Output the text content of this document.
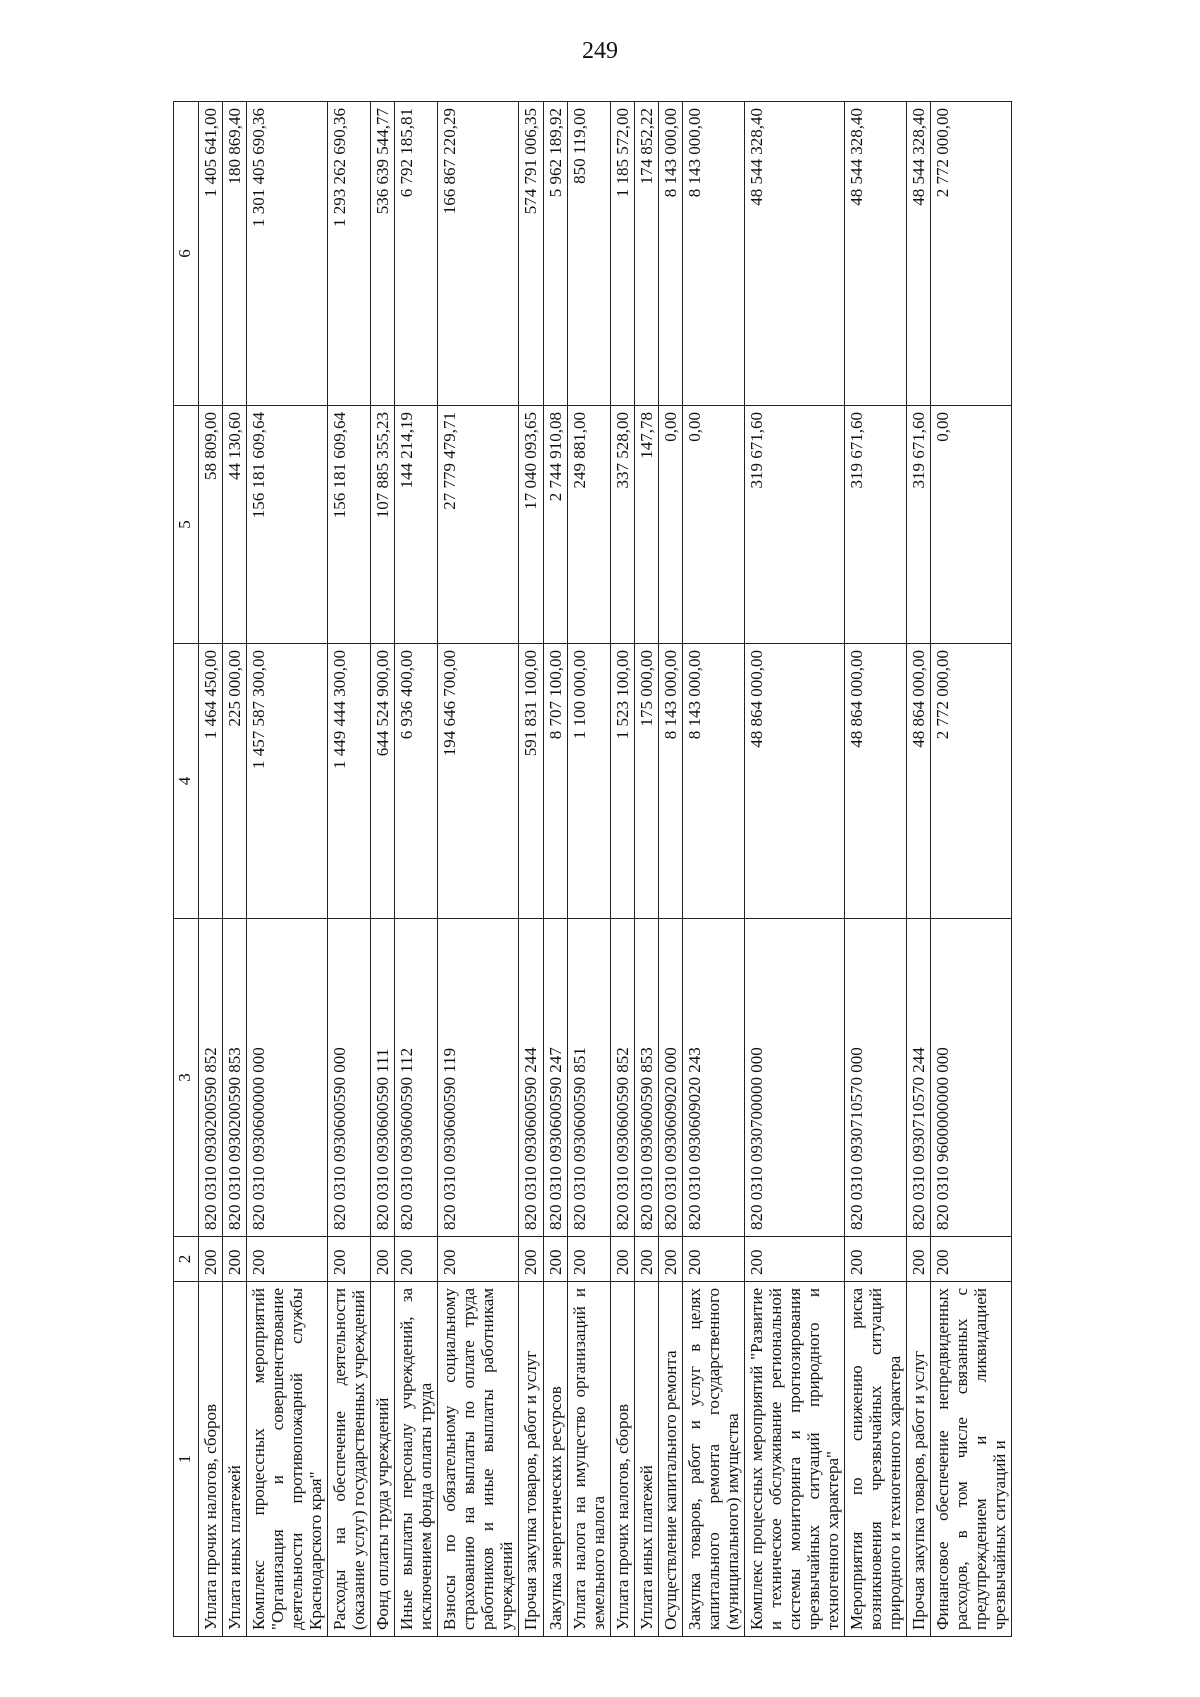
249
1	2	3	4	5	6
Уплата прочих налогов, сборов	200	820 0310 0930200590 852	1 464 450,00	58 809,00	1 405 641,00
Уплата иных платежей	200	820 0310 0930200590 853	225 000,00	44 130,60	180 869,40
Комплекс процессных мероприятий "Организация и совершенствование деятельности противопожарной службы Краснодарского края"	200	820 0310 0930600000 000	1 457 587 300,00	156 181 609,64	1 301 405 690,36
Расходы на обеспечение деятельности (оказание услуг) государственных учреждений	200	820 0310 0930600590 000	1 449 444 300,00	156 181 609,64	1 293 262 690,36
Фонд оплаты труда учреждений	200	820 0310 0930600590 111	644 524 900,00	107 885 355,23	536 639 544,77
Иные выплаты персоналу учреждений, за исключением фонда оплаты труда	200	820 0310 0930600590 112	6 936 400,00	144 214,19	6 792 185,81
Взносы по обязательному социальному страхованию на выплаты по оплате труда работников и иные выплаты работникам учреждений	200	820 0310 0930600590 119	194 646 700,00	27 779 479,71	166 867 220,29
Прочая закупка товаров, работ и услуг	200	820 0310 0930600590 244	591 831 100,00	17 040 093,65	574 791 006,35
Закупка энергетических ресурсов	200	820 0310 0930600590 247	8 707 100,00	2 744 910,08	5 962 189,92
Уплата налога на имущество организаций и земельного налога	200	820 0310 0930600590 851	1 100 000,00	249 881,00	850 119,00
Уплата прочих налогов, сборов	200	820 0310 0930600590 852	1 523 100,00	337 528,00	1 185 572,00
Уплата иных платежей	200	820 0310 0930600590 853	175 000,00	147,78	174 852,22
Осуществление капитального ремонта	200	820 0310 0930609020 000	8 143 000,00	0,00	8 143 000,00
Закупка товаров, работ и услуг в целях капитального ремонта государственного (муниципального) имущества	200	820 0310 0930609020 243	8 143 000,00	0,00	8 143 000,00
Комплекс процессных мероприятий "Развитие и техническое обслуживание региональной системы мониторинга и прогнозирования чрезвычайных ситуаций природного и техногенного характера"	200	820 0310 0930700000 000	48 864 000,00	319 671,60	48 544 328,40
Мероприятия по снижению риска возникновения чрезвычайных ситуаций природного и техногенного характера	200	820 0310 0930710570 000	48 864 000,00	319 671,60	48 544 328,40
Прочая закупка товаров, работ и услуг	200	820 0310 0930710570 244	48 864 000,00	319 671,60	48 544 328,40
Финансовое обеспечение непредвиденных расходов, в том числе связанных с предупреждением и ликвидацией чрезвычайных ситуаций и	200	820 0310 9600000000 000	2 772 000,00	0,00	2 772 000,00
